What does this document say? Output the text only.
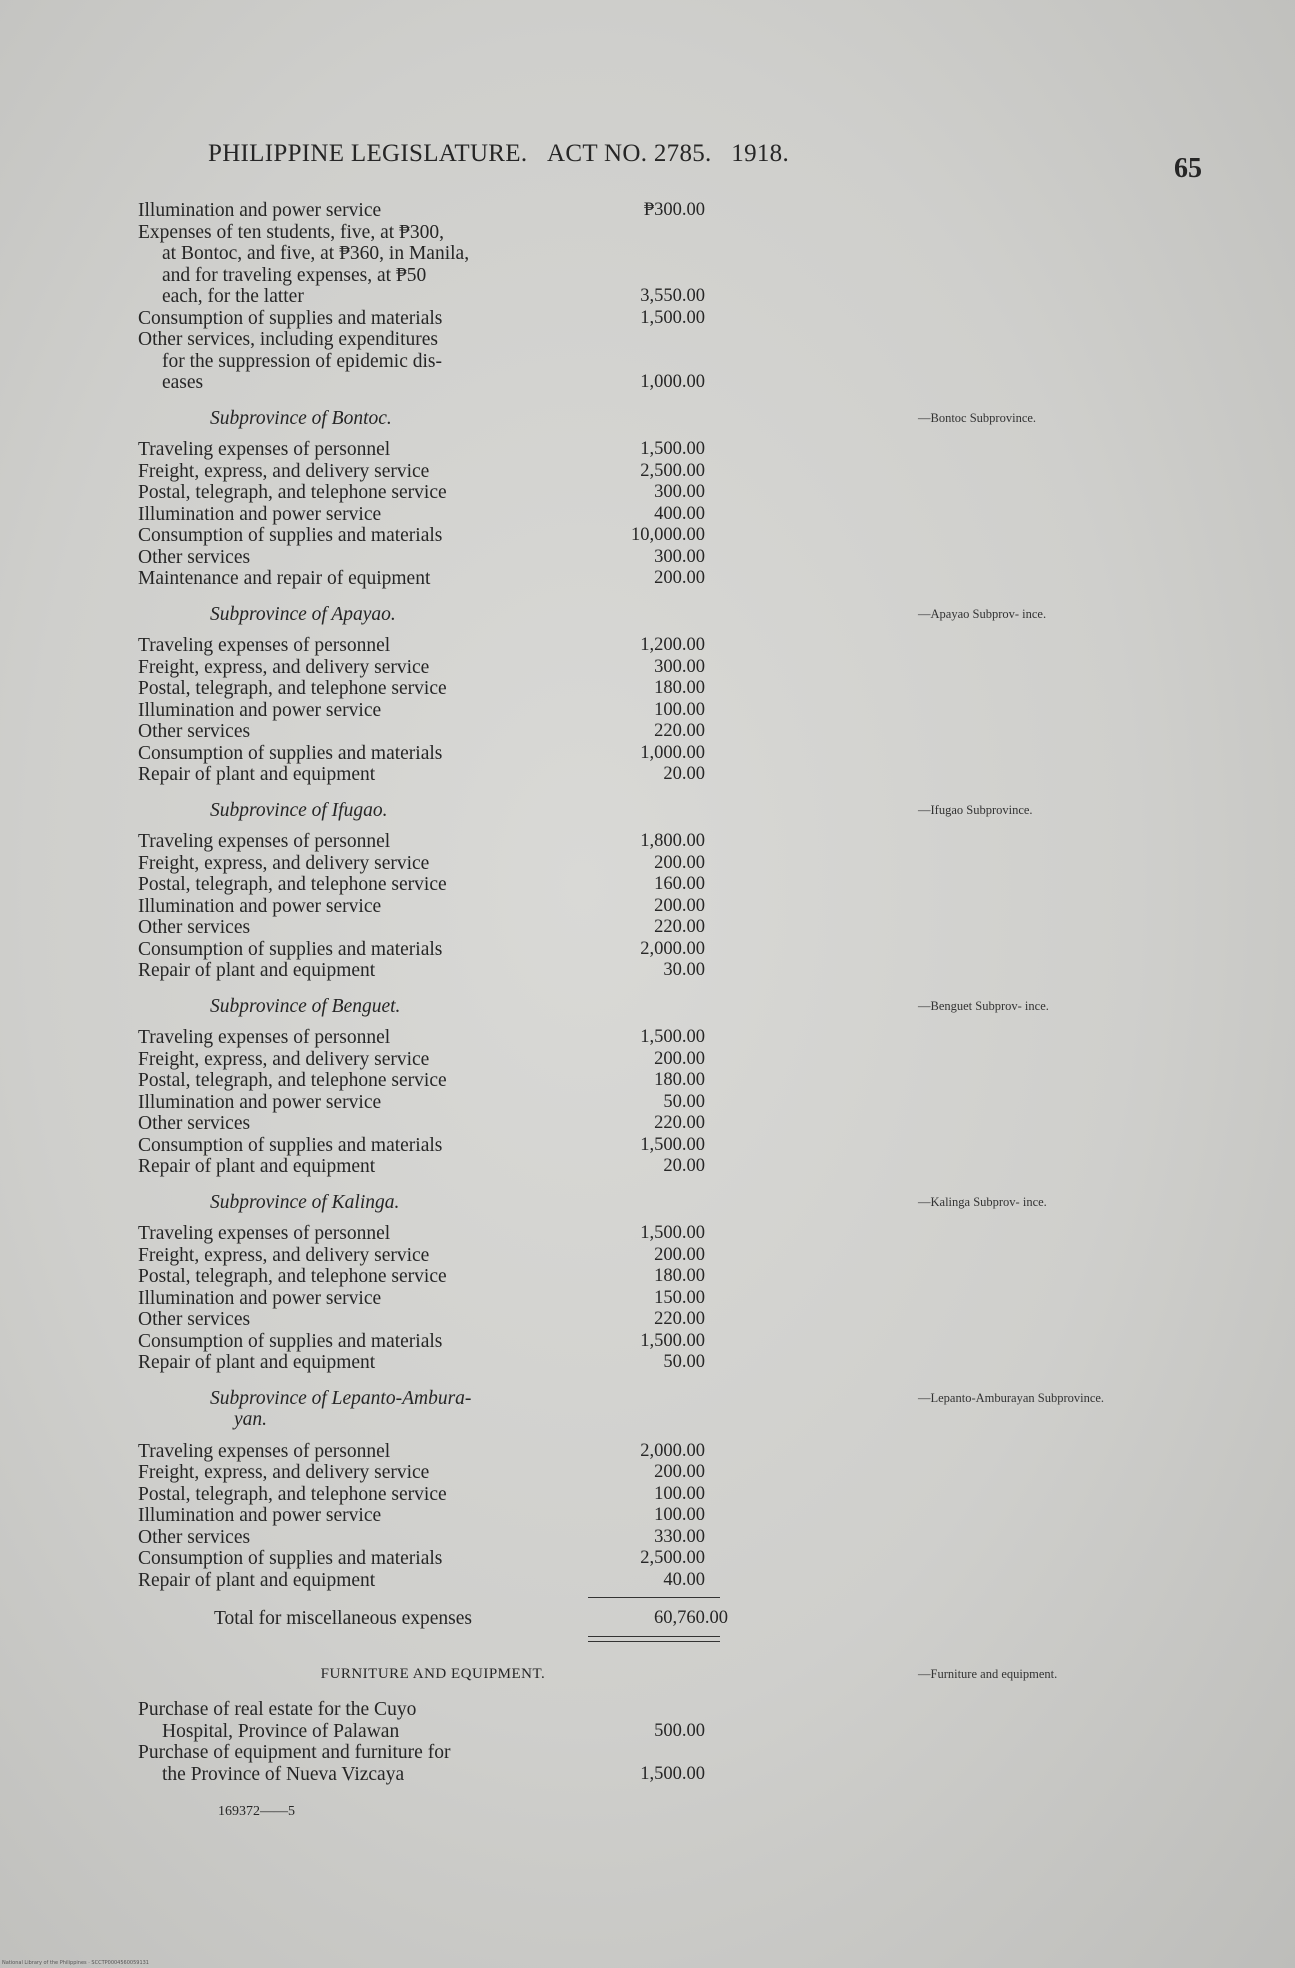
PHILIPPINE LEGISLATURE. ACT NO. 2785. 1918.	65
Illumination and power service	₱300.00
Expenses of ten students, five, at ₱300,
at Bontoc, and five, at ₱360, in Manila,
and for traveling expenses, at ₱50
each, for the latter	3,550.00
Consumption of supplies and materials	1,500.00
Other services, including expenditures
for the suppression of epidemic dis-
eases	1,000.00
Subprovince of Bontoc.
Traveling expenses of personnel	1,500.00
Freight, express, and delivery service	2,500.00
Postal, telegraph, and telephone service	300.00
Illumination and power service	400.00
Consumption of supplies and materials	10,000.00
Other services	300.00
Maintenance and repair of equipment	200.00
Subprovince of Apayao.
Traveling expenses of personnel	1,200.00
Freight, express, and delivery service	300.00
Postal, telegraph, and telephone service	180.00
Illumination and power service	100.00
Other services	220.00
Consumption of supplies and materials	1,000.00
Repair of plant and equipment	20.00
Subprovince of Ifugao.
Traveling expenses of personnel	1,800.00
Freight, express, and delivery service	200.00
Postal, telegraph, and telephone service	160.00
Illumination and power service	200.00
Other services	220.00
Consumption of supplies and materials	2,000.00
Repair of plant and equipment	30.00
Subprovince of Benguet.
Traveling expenses of personnel	1,500.00
Freight, express, and delivery service	200.00
Postal, telegraph, and telephone service	180.00
Illumination and power service	50.00
Other services	220.00
Consumption of supplies and materials	1,500.00
Repair of plant and equipment	20.00
Subprovince of Kalinga.
Traveling expenses of personnel	1,500.00
Freight, express, and delivery service	200.00
Postal, telegraph, and telephone service	180.00
Illumination and power service	150.00
Other services	220.00
Consumption of supplies and materials	1,500.00
Repair of plant and equipment	50.00
Subprovince of Lepanto-Ambura-
yan.
Traveling expenses of personnel	2,000.00
Freight, express, and delivery service	200.00
Postal, telegraph, and telephone service	100.00
Illumination and power service	100.00
Other services	330.00
Consumption of supplies and materials	2,500.00
Repair of plant and equipment	40.00
Total for miscellaneous expenses	60,760.00
FURNITURE AND EQUIPMENT.
Purchase of real estate for the Cuyo
Hospital, Province of Palawan	500.00
Purchase of equipment and furniture for
the Province of Nueva Vizcaya	1,500.00
169372——5
—Bontoc Subprovince.
—Apayao Subprov- ince.
—Ifugao Subprovince.
—Benguet Subprov- ince.
—Kalinga Subprov- ince.
—Lepanto-Amburayan Subprovince.
—Furniture and equipment.
National Library of the Philippines · SCCTP0004560059131
